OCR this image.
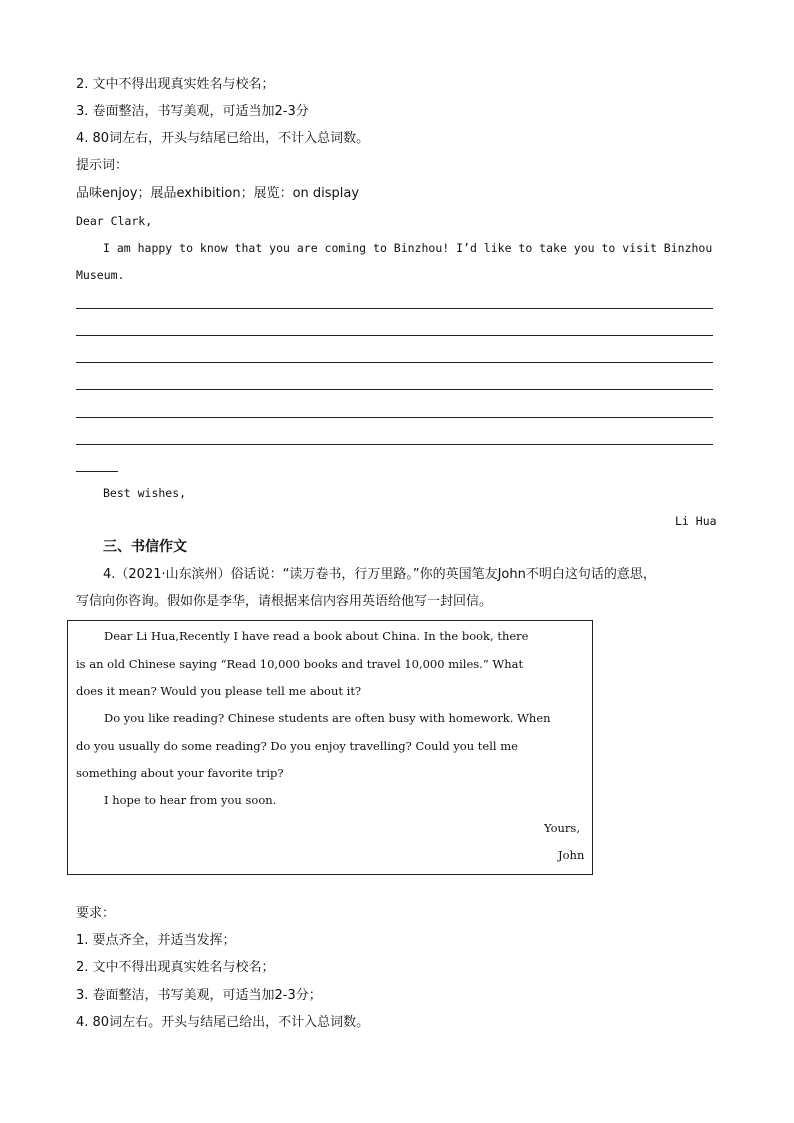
2. 文中不得出现真实姓名与校名；
3. 卷面整洁，书写美观，可适当加2-3分
4. 80词左右，开头与结尾已给出，不计入总词数。
提示词：
品味enjoy；展品exhibition；展览：on display
Dear Clark,
I am happy to know that you are coming to Binzhou! I’d like to take you to visit Binzhou
Museum.
Best wishes,
Li Hua
三、书信作文
4.（2021·山东滨州）俗话说：“读万卷书，行万里路。”你的英国笔友John不明白这句话的意思，
写信向你咨询。假如你是李华，请根据来信内容用英语给他写一封回信。
Dear Li Hua,Recently I have read a book about China. In the book, there
is an old Chinese saying “Read 10,000 books and travel 10,000 miles.” What
does it mean? Would you please tell me about it?
Do you like reading? Chinese students are often busy with homework. When
do you usually do some reading? Do you enjoy travelling? Could you tell me
something about your favorite trip?
I hope to hear from you soon.
Yours,
John
要求：
1. 要点齐全，并适当发挥；
2. 文中不得出现真实姓名与校名；
3. 卷面整洁，书写美观，可适当加2-3分；
4. 80词左右。开头与结尾已给出，不计入总词数。
